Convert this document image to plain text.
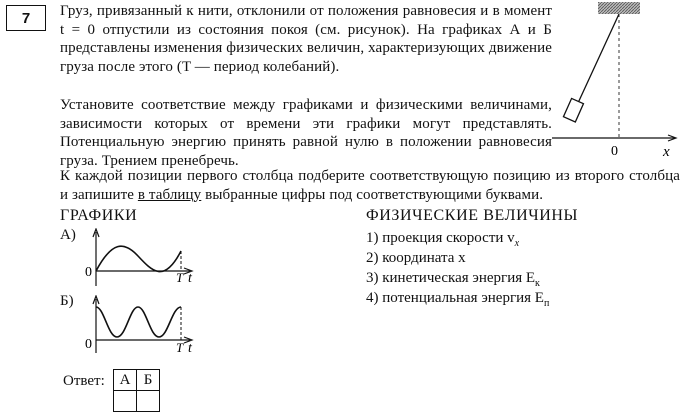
7	Груз, привязанный к нити, отклонили от положения равновесия и в момент t = 0 отпустили из состояния покоя (см. рисунок). На графиках А и Б представлены изменения физических величин, характеризующих движение груза после этого (T — период колебаний).
Установите соответствие между графиками и физическими величинами, зависимости которых от времени эти графики могут представлять. Потенциальную энергию принять равной нулю в положении равновесия груза. Трением пренебречь.
К каждой позиции первого столбца подберите соответствующую позицию из второго столбца и запишите в таблицу выбранные цифры под соответствующими буквами.
0	x
ГРАФИКИ
А)
Б)
0	T t
0	T t
ФИЗИЧЕСКИЕ ВЕЛИЧИНЫ
1) проекция скорости $v_x$
2) координата x
3) кинетическая энергия $E_к$
4) потенциальная энергия $E_п$
Ответ: А	Б
